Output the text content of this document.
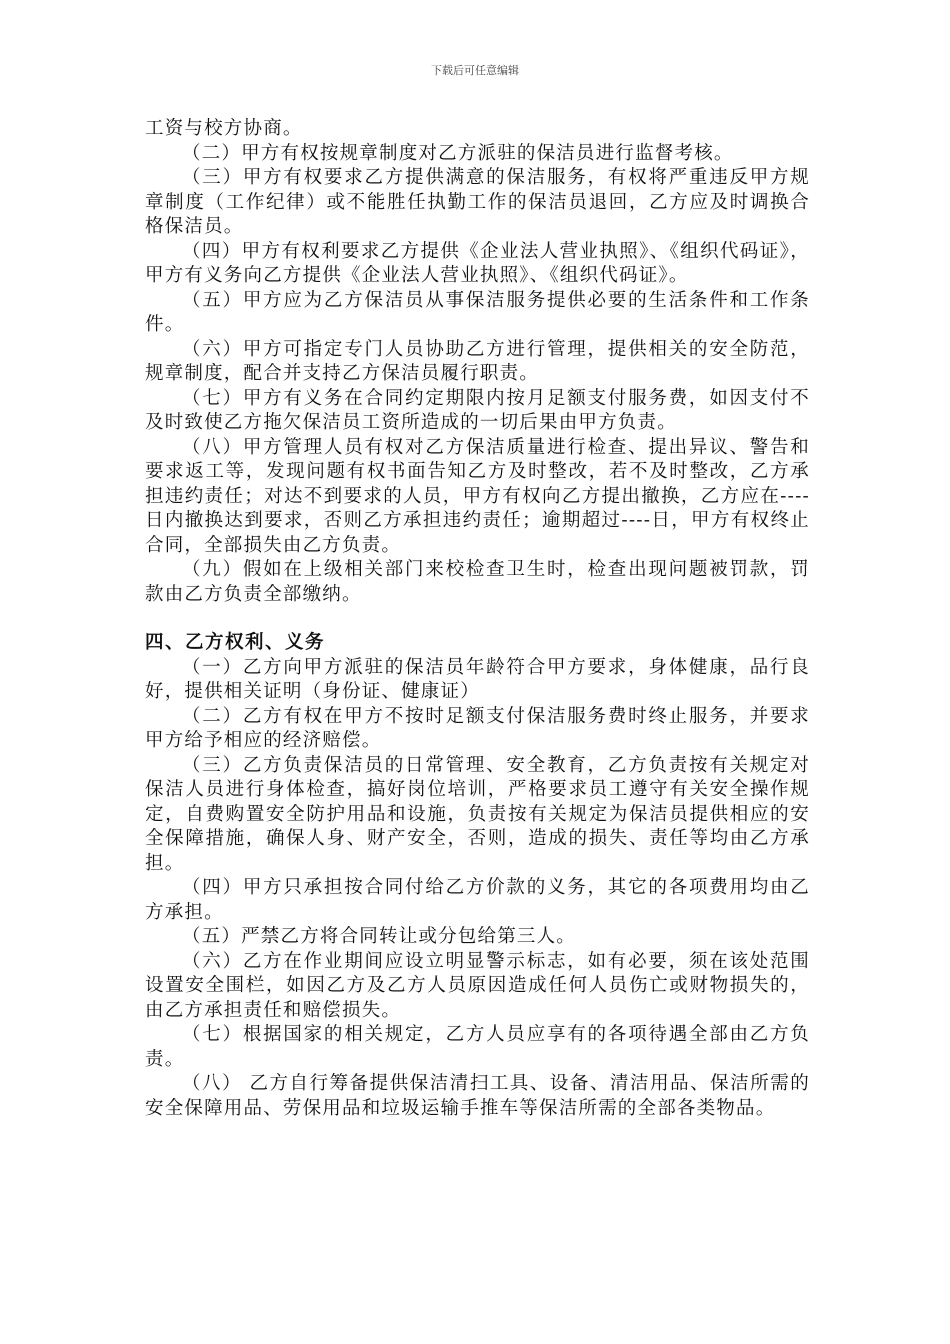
下载后可任意编辑

工资与校方协商。

（二）甲方有权按规章制度对乙方派驻的保洁员进行监督考核。

（三）甲方有权要求乙方提供满意的保洁服务，有权将严重违反甲方规章制度（工作纪律）或不能胜任执勤工作的保洁员退回，乙方应及时调换合格保洁员。

（四）甲方有权利要求乙方提供《企业法人营业执照》、《组织代码证》，甲方有义务向乙方提供《企业法人营业执照》、《组织代码证》。

（五）甲方应为乙方保洁员从事保洁服务提供必要的生活条件和工作条件。

（六）甲方可指定专门人员协助乙方进行管理，提供相关的安全防范，规章制度，配合并支持乙方保洁员履行职责。

（七）甲方有义务在合同约定期限内按月足额支付服务费，如因支付不及时致使乙方拖欠保洁员工资所造成的一切后果由甲方负责。

（八）甲方管理人员有权对乙方保洁质量进行检查、提出异议、警告和要求返工等，发现问题有权书面告知乙方及时整改，若不及时整改，乙方承担违约责任；对达不到要求的人员，甲方有权向乙方提出撤换，乙方应在----日内撤换达到要求，否则乙方承担违约责任；逾期超过----日，甲方有权终止合同，全部损失由乙方负责。

（九）假如在上级相关部门来校检查卫生时，检查出现问题被罚款，罚款由乙方负责全部缴纳。

四、乙方权利、义务

（一）乙方向甲方派驻的保洁员年龄符合甲方要求，身体健康，品行良好，提供相关证明（身份证、健康证）

（二）乙方有权在甲方不按时足额支付保洁服务费时终止服务，并要求甲方给予相应的经济赔偿。

（三）乙方负责保洁员的日常管理、安全教育，乙方负责按有关规定对保洁人员进行身体检查，搞好岗位培训，严格要求员工遵守有关安全操作规定，自费购置安全防护用品和设施，负责按有关规定为保洁员提供相应的安全保障措施，确保人身、财产安全，否则，造成的损失、责任等均由乙方承担。

（四）甲方只承担按合同付给乙方价款的义务，其它的各项费用均由乙方承担。

（五）严禁乙方将合同转让或分包给第三人。

（六）乙方在作业期间应设立明显警示标志，如有必要，须在该处范围设置安全围栏，如因乙方及乙方人员原因造成任何人员伤亡或财物损失的，由乙方承担责任和赔偿损失。

（七）根据国家的相关规定，乙方人员应享有的各项待遇全部由乙方负责。

（八） 乙方自行筹备提供保洁清扫工具、设备、清洁用品、保洁所需的安全保障用品、劳保用品和垃圾运输手推车等保洁所需的全部各类物品。
